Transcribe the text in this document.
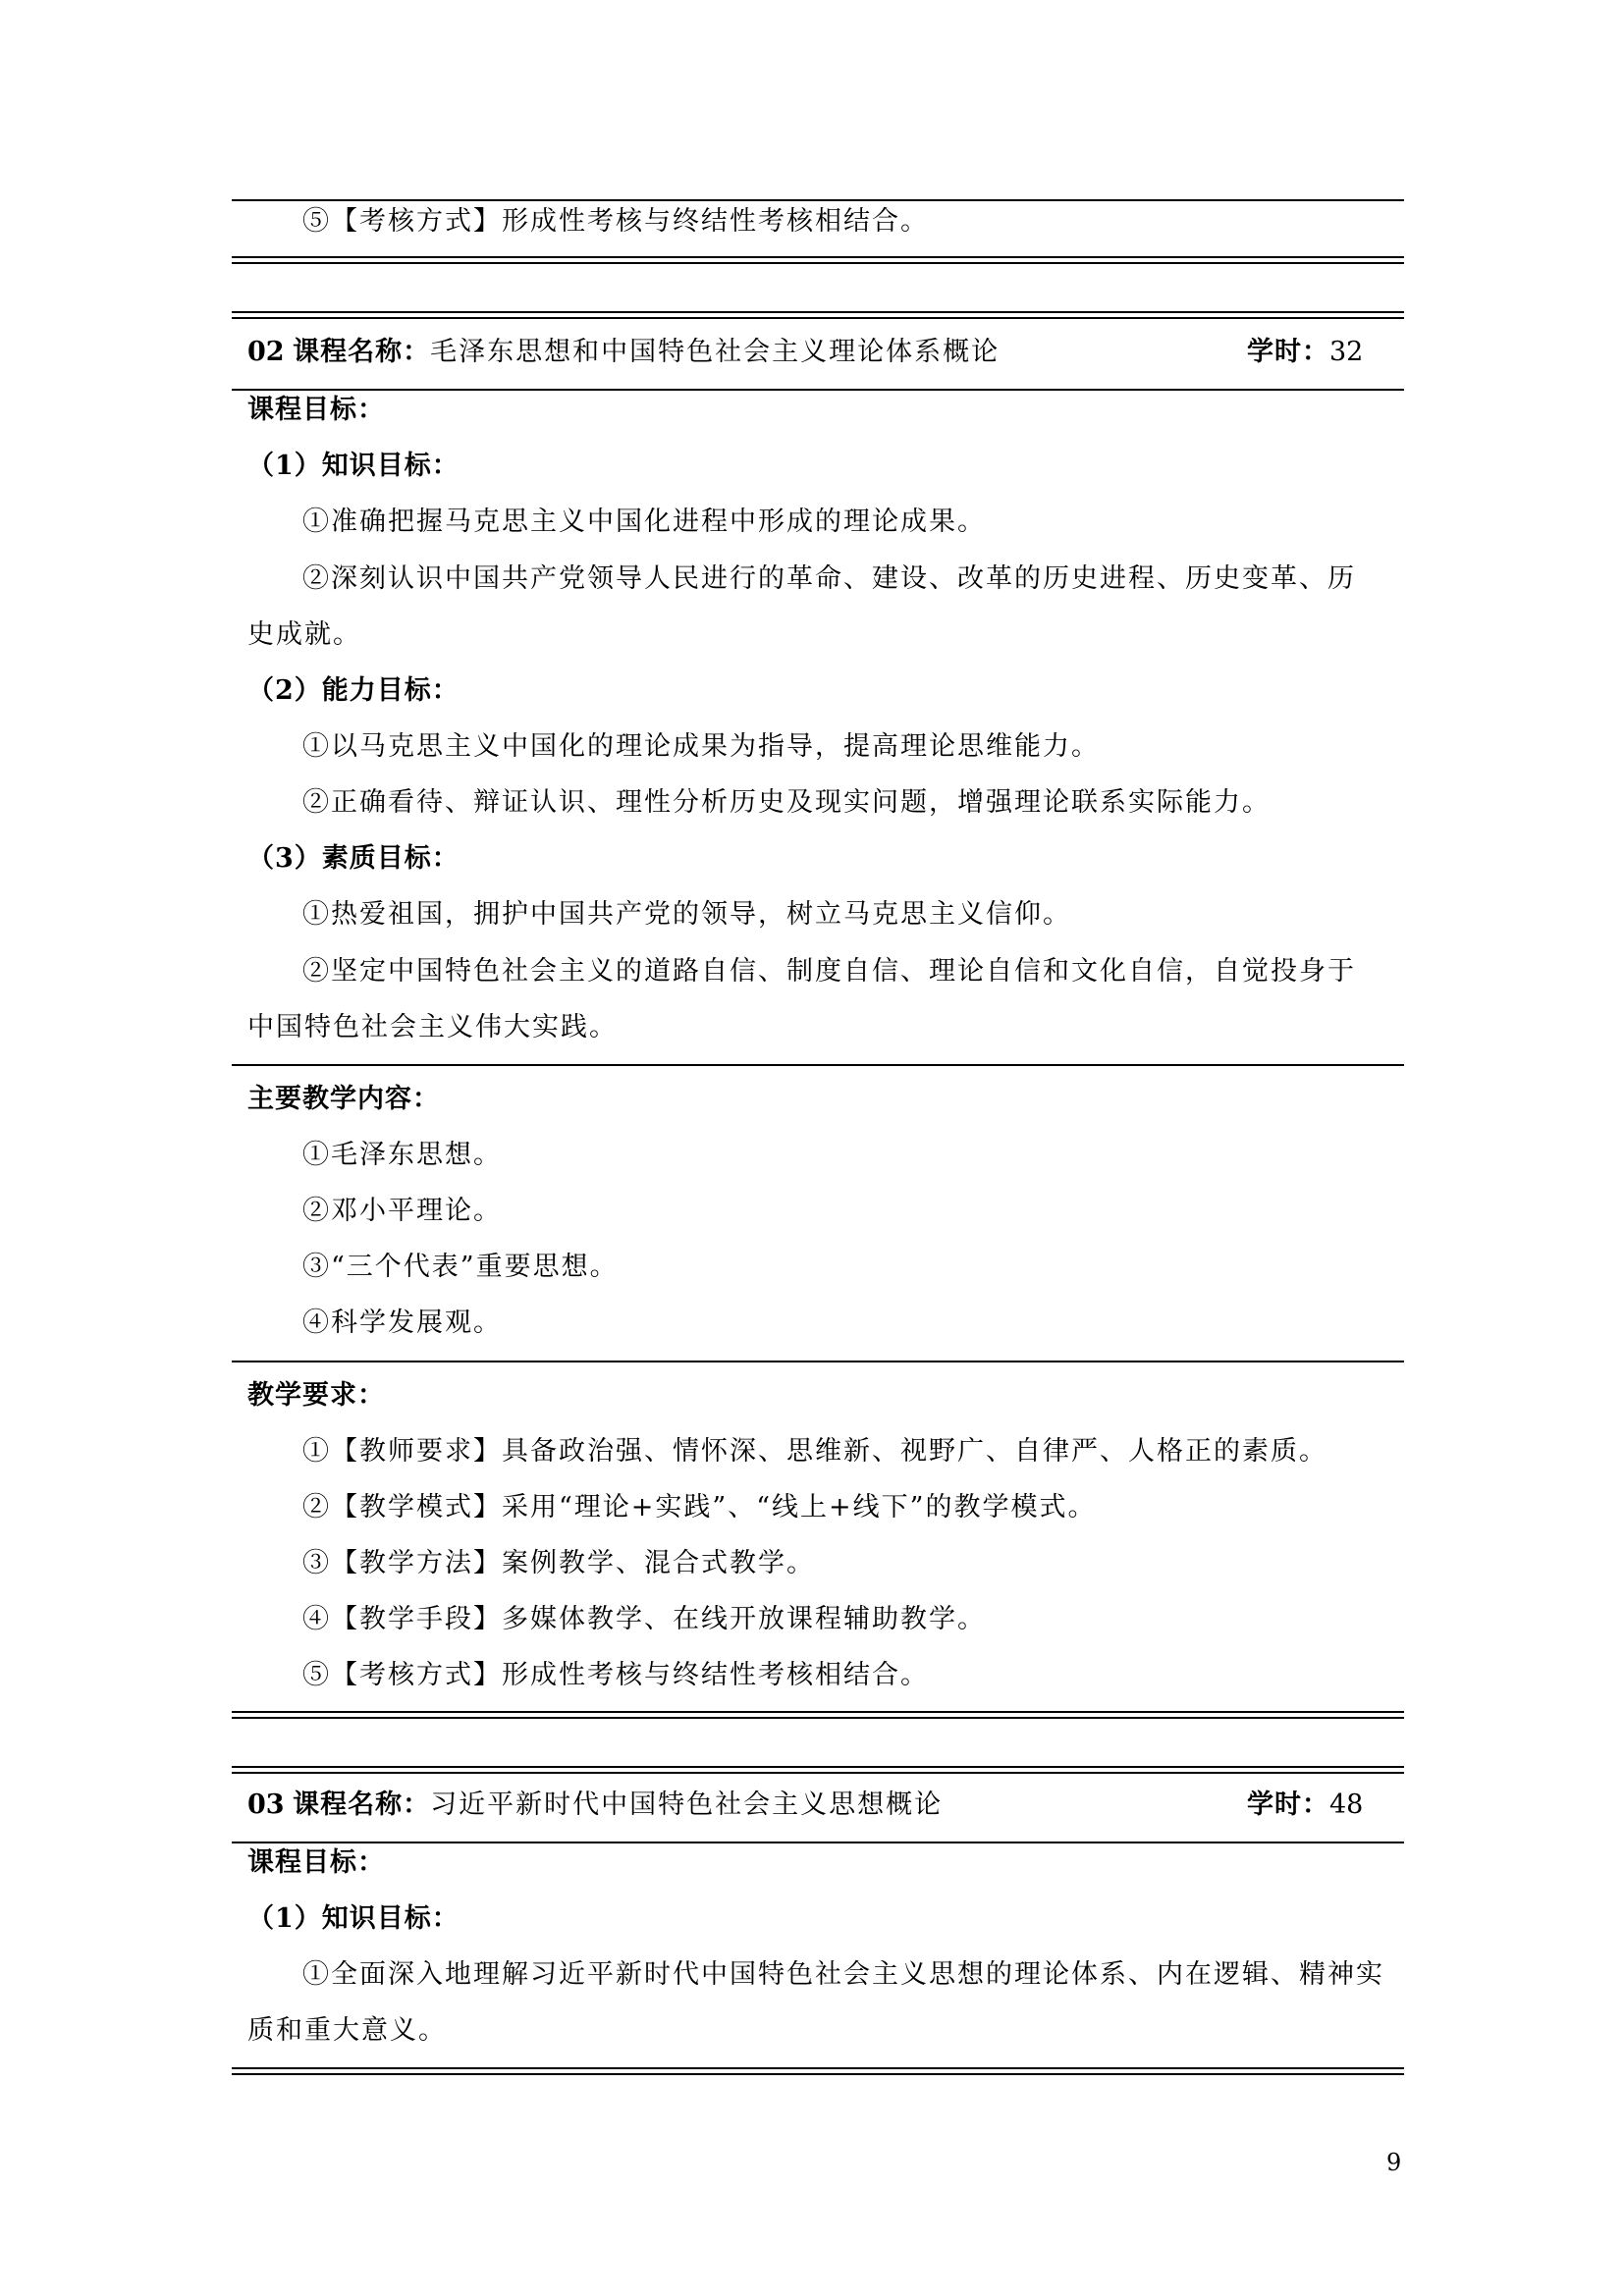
⑤【考核方式】形成性考核与终结性考核相结合。
02 课程名称：毛泽东思想和中国特色社会主义理论体系概论	学时：32
课程目标：
（1）知识目标：
①准确把握马克思主义中国化进程中形成的理论成果。
②深刻认识中国共产党领导人民进行的革命、建设、改革的历史进程、历史变革、历
史成就。
（2）能力目标：
①以马克思主义中国化的理论成果为指导，提高理论思维能力。
②正确看待、辩证认识、理性分析历史及现实问题，增强理论联系实际能力。
（3）素质目标：
①热爱祖国，拥护中国共产党的领导，树立马克思主义信仰。
②坚定中国特色社会主义的道路自信、制度自信、理论自信和文化自信，自觉投身于
中国特色社会主义伟大实践。
主要教学内容：
①毛泽东思想。
②邓小平理论。
③“三个代表”重要思想。
④科学发展观。
教学要求：
①【教师要求】具备政治强、情怀深、思维新、视野广、自律严、人格正的素质。
②【教学模式】采用“理论+实践”、“线上+线下”的教学模式。
③【教学方法】案例教学、混合式教学。
④【教学手段】多媒体教学、在线开放课程辅助教学。
⑤【考核方式】形成性考核与终结性考核相结合。
03 课程名称：习近平新时代中国特色社会主义思想概论	学时：48
课程目标：
（1）知识目标：
①全面深入地理解习近平新时代中国特色社会主义思想的理论体系、内在逻辑、精神实
质和重大意义。
9
